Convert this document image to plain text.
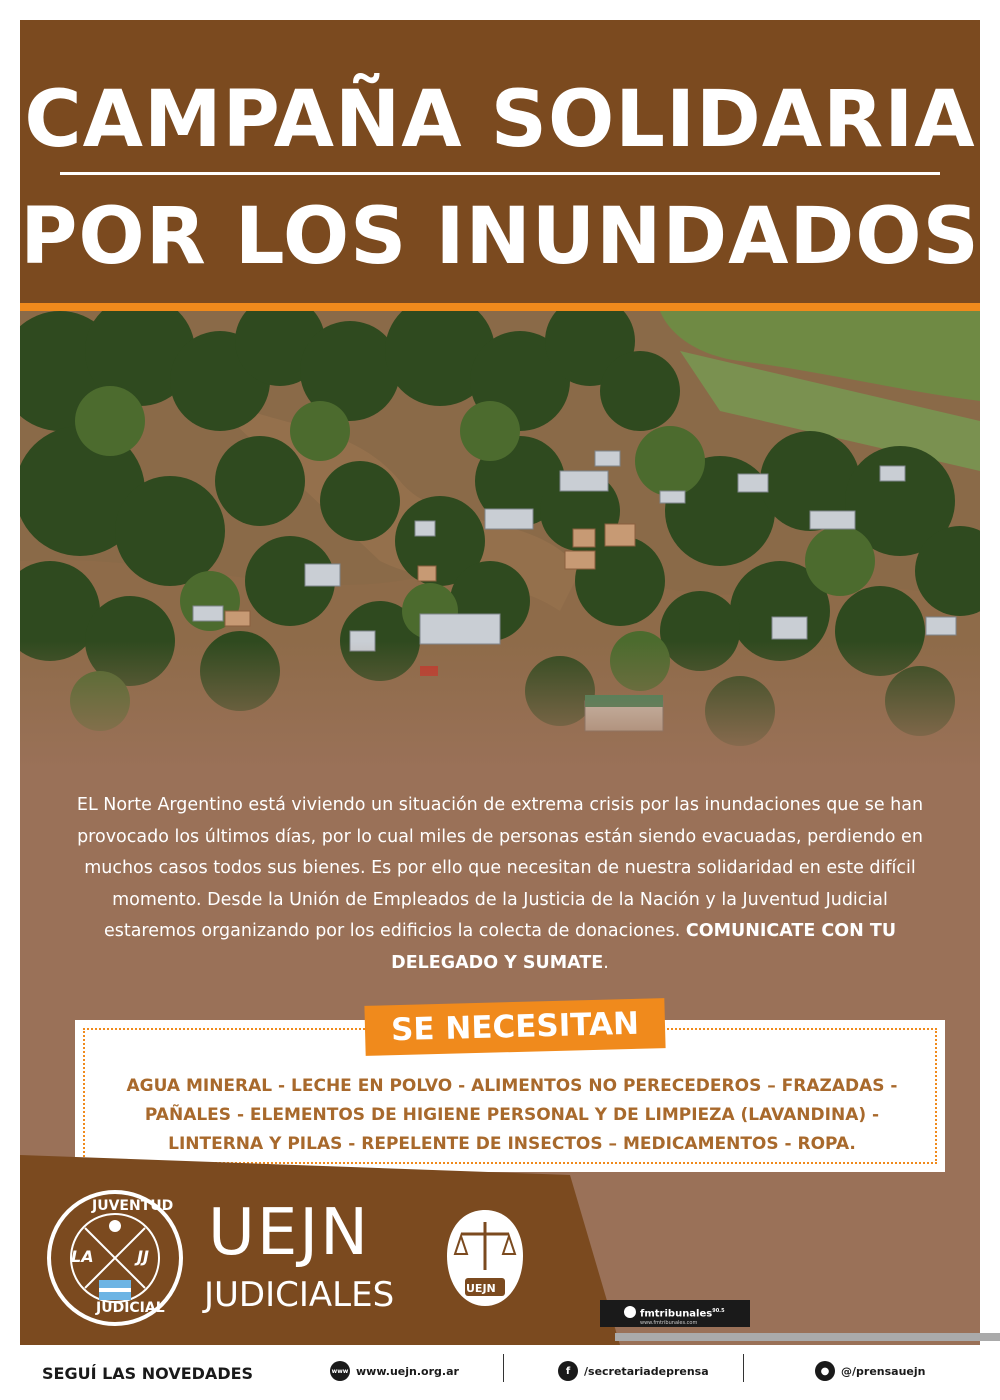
CAMPAÑA SOLIDARIA
POR LOS INUNDADOS
EL Norte Argentino está viviendo un situación de extrema crisis por las inundaciones que se han provocado los últimos días, por lo cual miles de personas están siendo evacuadas, perdiendo en muchos casos todos sus bienes. Es por ello que necesitan de nuestra solidaridad en este difícil momento. Desde la Unión de Empleados de la Justicia de la Nación y la Juventud Judicial estaremos organizando por los edificios la colecta de donaciones. COMUNICATE CON TU DELEGADO Y SUMATE.
AGUA MINERAL - LECHE EN POLVO - ALIMENTOS NO PERECEDEROS – FRAZADAS -
PAÑALES - ELEMENTOS DE HIGIENE PERSONAL Y DE LIMPIEZA (LAVANDINA) -
LINTERNA Y PILAS - REPELENTE DE INSECTOS – MEDICAMENTOS - ROPA.
SE NECESITAN
JUVENTUD
JUDICIAL
LA	JJ UEJN
JUDICIALES	UEJN
fmtribunales$^{90.5}$
www.fmtribunales.com
SEGUÍ LAS NOVEDADES	www www.uejn.org.ar	f	/secretariadeprensa	●	@/prensauejn
